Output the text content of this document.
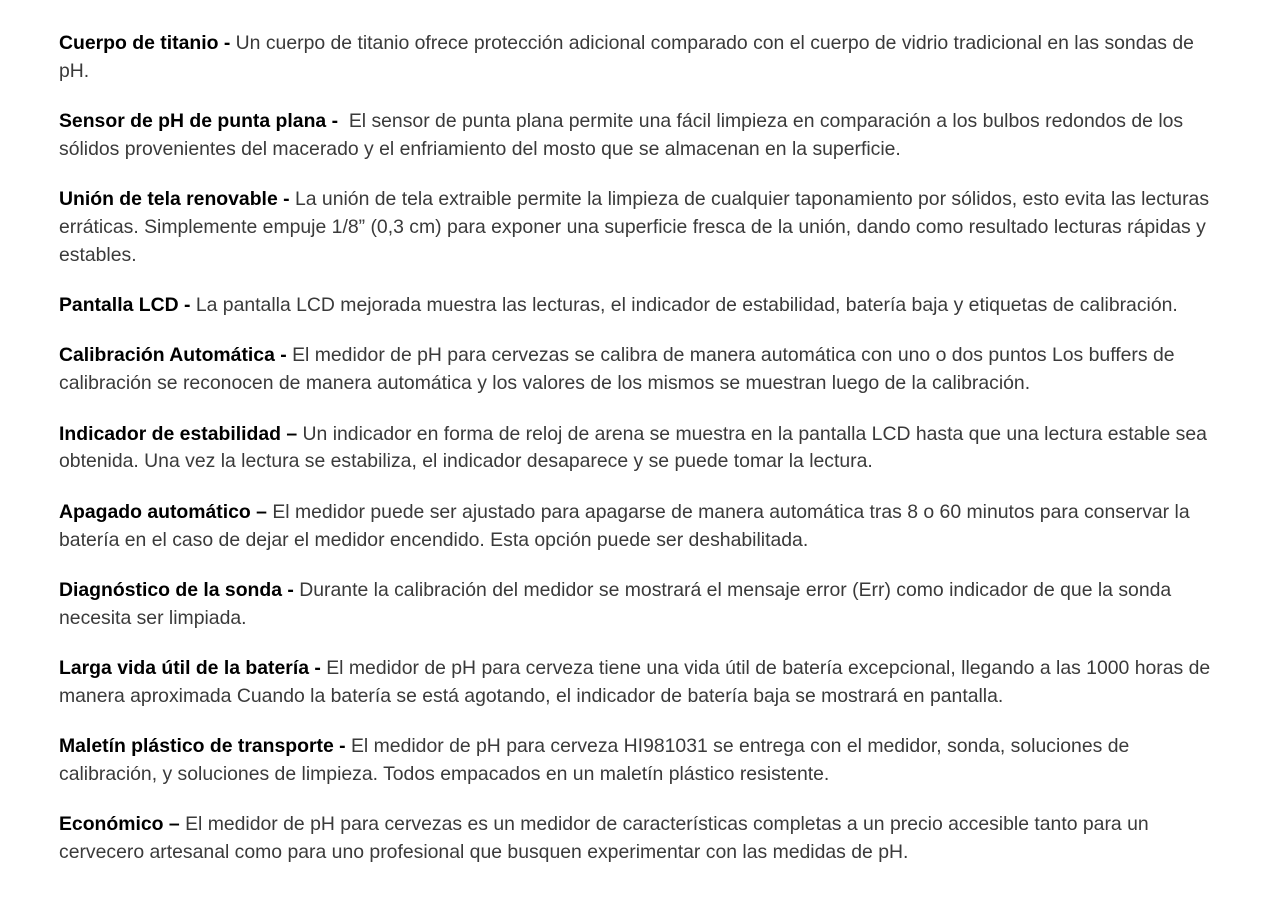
Cuerpo de titanio - Un cuerpo de titanio ofrece protección adicional comparado con el cuerpo de vidrio tradicional en las sondas de pH.

Sensor de pH de punta plana -  El sensor de punta plana permite una fácil limpieza en comparación a los bulbos redondos de los sólidos provenientes del macerado y el enfriamiento del mosto que se almacenan en la superficie.

Unión de tela renovable - La unión de tela extraible permite la limpieza de cualquier taponamiento por sólidos, esto evita las lecturas erráticas. Simplemente empuje 1/8” (0,3 cm) para exponer una superficie fresca de la unión, dando como resultado lecturas rápidas y estables.

Pantalla LCD - La pantalla LCD mejorada muestra las lecturas, el indicador de estabilidad, batería baja y etiquetas de calibración.

Calibración Automática - El medidor de pH para cervezas se calibra de manera automática con uno o dos puntos Los buffers de calibración se reconocen de manera automática y los valores de los mismos se muestran luego de la calibración.

Indicador de estabilidad – Un indicador en forma de reloj de arena se muestra en la pantalla LCD hasta que una lectura estable sea obtenida. Una vez la lectura se estabiliza, el indicador desaparece y se puede tomar la lectura.

Apagado automático – El medidor puede ser ajustado para apagarse de manera automática tras 8 o 60 minutos para conservar la batería en el caso de dejar el medidor encendido. Esta opción puede ser deshabilitada.

Diagnóstico de la sonda - Durante la calibración del medidor se mostrará el mensaje error (Err) como indicador de que la sonda necesita ser limpiada.

Larga vida útil de la batería - El medidor de pH para cerveza tiene una vida útil de batería excepcional, llegando a las 1000 horas de manera aproximada Cuando la batería se está agotando, el indicador de batería baja se mostrará en pantalla.

Maletín plástico de transporte - El medidor de pH para cerveza HI981031 se entrega con el medidor, sonda, soluciones de calibración, y soluciones de limpieza. Todos empacados en un maletín plástico resistente.

Económico – El medidor de pH para cervezas es un medidor de características completas a un precio accesible tanto para un cervecero artesanal como para uno profesional que busquen experimentar con las medidas de pH.
